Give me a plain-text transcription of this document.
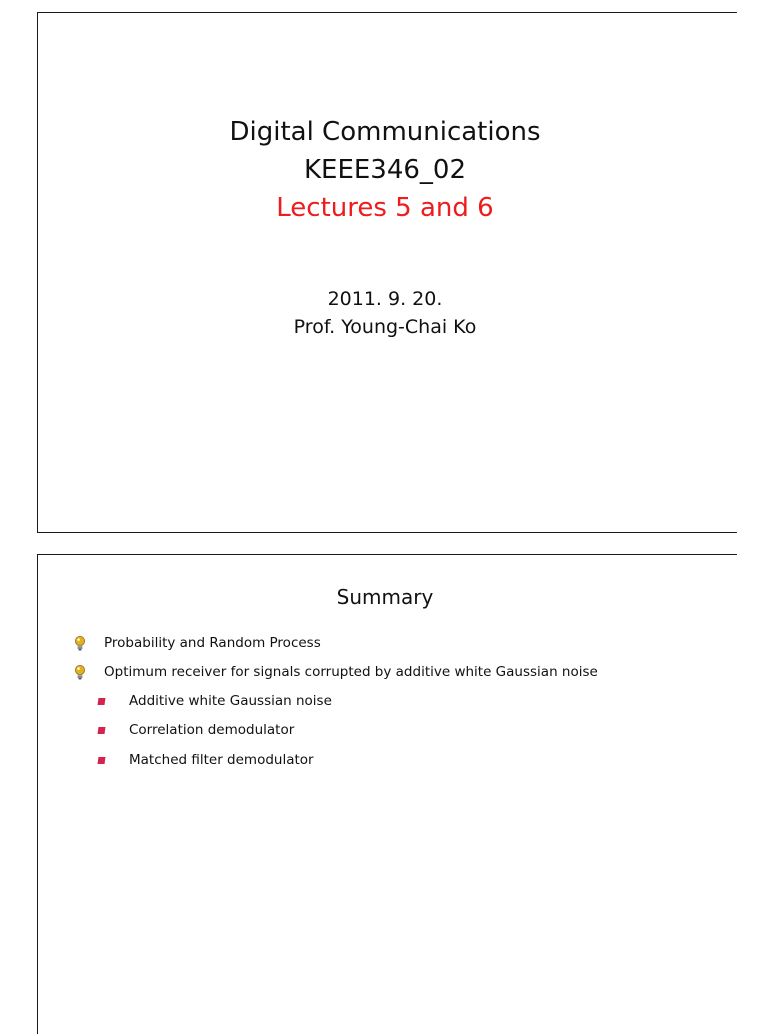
Digital Communications
KEEE346_02
Lectures 5 and 6
2011. 9. 20.
Prof. Young-Chai Ko
Summary
Probability and Random Process
Optimum receiver for signals corrupted by additive white Gaussian noise
Additive white Gaussian noise
Correlation demodulator
Matched filter demodulator
